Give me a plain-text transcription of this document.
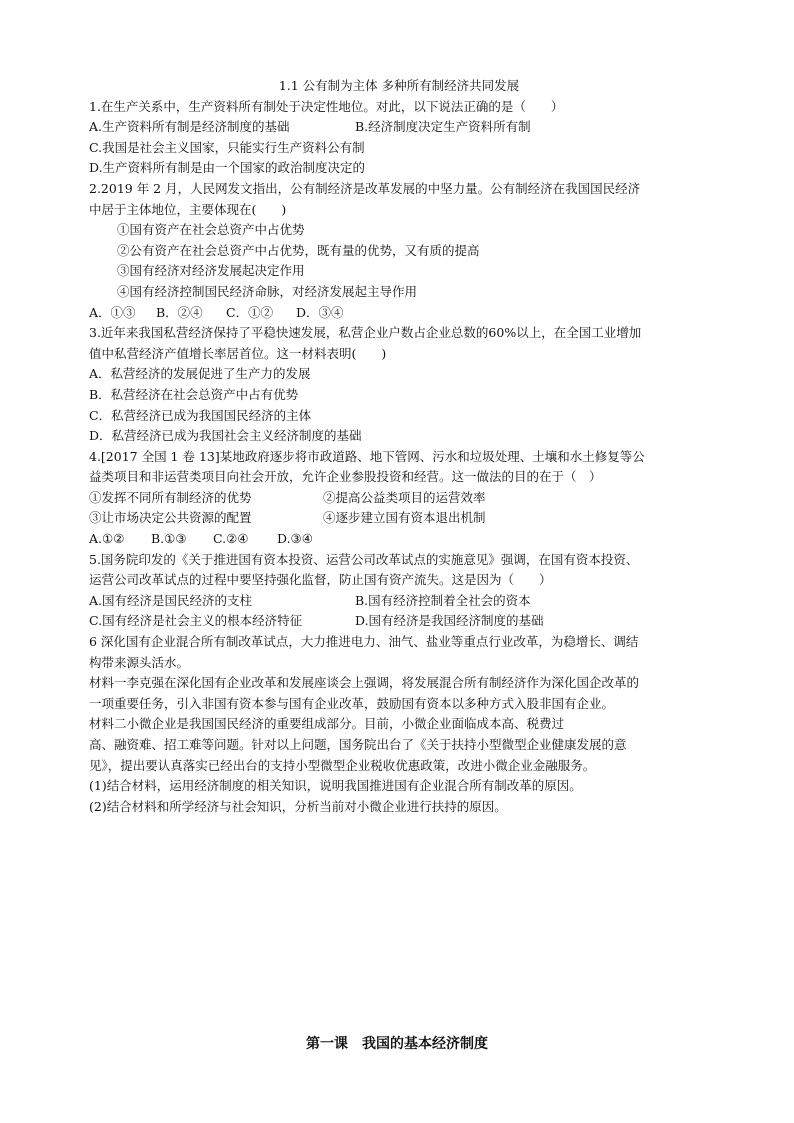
1.1 公有制为主体 多种所有制经济共同发展
1.在生产关系中，生产资料所有制处于决定性地位。对此，以下说法正确的是（　　）
A.生产资料所有制是经济制度的基础	B.经济制度决定生产资料所有制
C.我国是社会主义国家，只能实行生产资料公有制
D.生产资料所有制是由一个国家的政治制度决定的
2.2019 年 2 月，人民网发文指出，公有制经济是改革发展的中坚力量。公有制经济在我国国民经济
中居于主体地位，主要体现在(　　)
①国有资产在社会总资产中占优势
②公有资产在社会总资产中占优势，既有量的优势，又有质的提高
③国有经济对经济发展起决定作用
④国有经济控制国民经济命脉，对经济发展起主导作用
A．①③	B．②④	C．①②	D．③④
3.近年来我国私营经济保持了平稳快速发展，私营企业户数占企业总数的60%以上，在全国工业增加
值中私营经济产值增长率居首位。这一材料表明(　　)
A．私营经济的发展促进了生产力的发展
B．私营经济在社会总资产中占有优势
C．私营经济已成为我国国民经济的主体
D．私营经济已成为我国社会主义经济制度的基础
4.[2017 全国 1 卷 13]某地政府逐步将市政道路、地下管网、污水和垃圾处理、土壤和水土修复等公
益类项目和非运营类项目向社会开放，允许企业参股投资和经营。这一做法的目的在于（　）
①发挥不同所有制经济的优势	②提高公益类项目的运营效率
③让市场决定公共资源的配置	④逐步建立国有资本退出机制
A.①②	B.①③	C.②④	D.③④
5.国务院印发的《关于推进国有资本投资、运营公司改革试点的实施意见》强调，在国有资本投资、
运营公司改革试点的过程中要坚持强化监督，防止国有资产流失。这是因为（　　）
A.国有经济是国民经济的支柱	B.国有经济控制着全社会的资本
C.国有经济是社会主义的根本经济特征	D.国有经济是我国经济制度的基础
6 深化国有企业混合所有制改革试点，大力推进电力、油气、盐业等重点行业改革，为稳增长、调结
构带来源头活水。
材料一李克强在深化国有企业改革和发展座谈会上强调，将发展混合所有制经济作为深化国企改革的
一项重要任务，引入非国有资本参与国有企业改革，鼓励国有资本以多种方式入股非国有企业。
材料二小微企业是我国国民经济的重要组成部分。目前，小微企业面临成本高、税费过
高、融资难、招工难等问题。针对以上问题，国务院出台了《关于扶持小型微型企业健康发展的意
见》，提出要认真落实已经出台的支持小型微型企业税收优惠政策，改进小微企业金融服务。
(1)结合材料，运用经济制度的相关知识，说明我国推进国有企业混合所有制改革的原因。
(2)结合材料和所学经济与社会知识，分析当前对小微企业进行扶持的原因。
第一课　我国的基本经济制度
